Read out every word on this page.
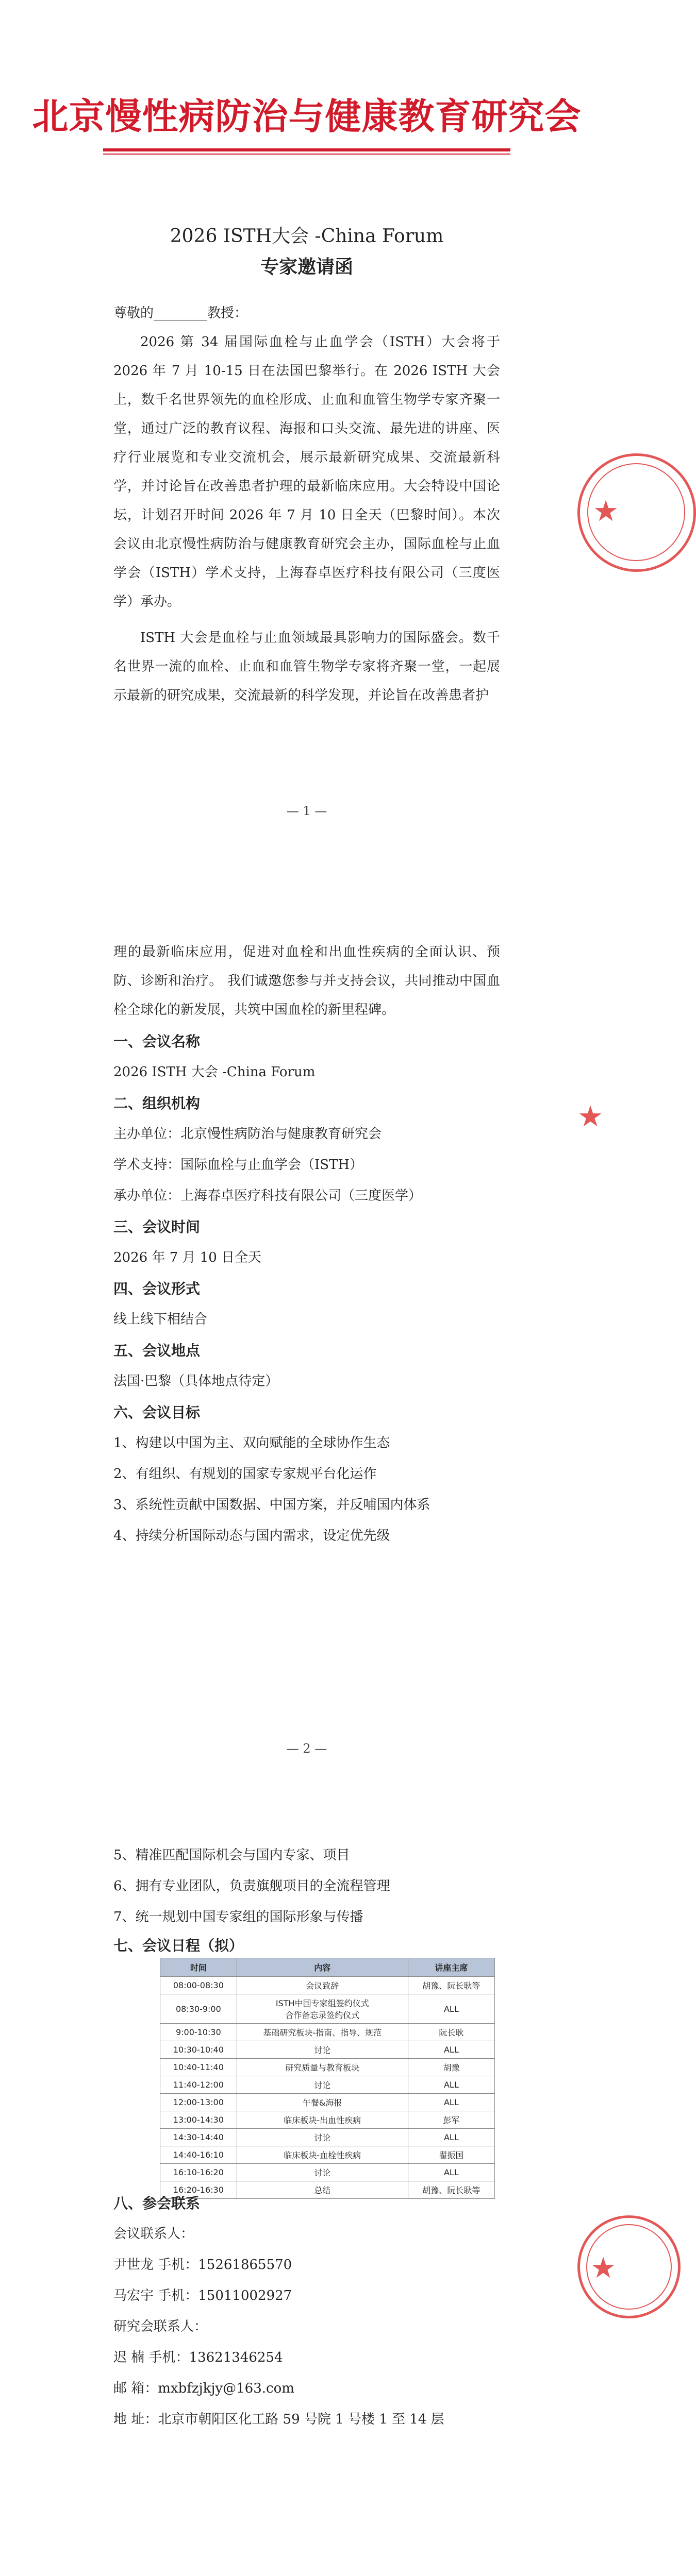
北京慢性病防治与健康教育研究会
2026 ISTH大会 -China Forum
专家邀请函
尊敬的________教授：
2026 第 34 届国际血栓与止血学会（ISTH）大会将于 2026 年 7 月 10-15 日在法国巴黎举行。在 2026 ISTH 大会上，数千名世界领先的血栓形成、止血和血管生物学专家齐聚一堂，通过广泛的教育议程、海报和口头交流、最先进的讲座、医疗行业展览和专业交流机会，展示最新研究成果、交流最新科学，并讨论旨在改善患者护理的最新临床应用。大会特设中国论坛，计划召开时间 2026 年 7 月 10 日全天（巴黎时间）。本次会议由北京慢性病防治与健康教育研究会主办，国际血栓与止血学会（ISTH）学术支持，上海春卓医疗科技有限公司（三度医学）承办。
ISTH 大会是血栓与止血领域最具影响力的国际盛会。数千名世界一流的血栓、止血和血管生物学专家将齐聚一堂，一起展示最新的研究成果，交流最新的科学发现，并论旨在改善患者护
★
— 1 —
理的最新临床应用，促进对血栓和出血性疾病的全面认识、预防、诊断和治疗。 我们诚邀您参与并支持会议，共同推动中国血栓全球化的新发展，共筑中国血栓的新里程碑。
一、会议名称
2026 ISTH 大会 -China Forum
二、组织机构
主办单位：北京慢性病防治与健康教育研究会
学术支持：国际血栓与止血学会（ISTH）
承办单位：上海春卓医疗科技有限公司（三度医学）
三、会议时间
2026 年 7 月 10 日全天
四、会议形式
线上线下相结合
五、会议地点
法国·巴黎（具体地点待定）
六、会议目标
1、构建以中国为主、双向赋能的全球协作生态
2、有组织、有规划的国家专家规平台化运作
3、系统性贡献中国数据、中国方案，并反哺国内体系
4、持续分析国际动态与国内需求，设定优先级
★
— 2 —
5、精准匹配国际机会与国内专家、项目
6、拥有专业团队，负责旗舰项目的全流程管理
7、统一规划中国专家组的国际形象与传播
七、会议日程（拟）
时间	内容	讲座主席
08:00-08:30	会议致辞	胡豫、阮长耿等
08:30-9:00	ISTH中国专家组签约仪式
合作备忘录签约仪式	ALL
9:00-10:30	基础研究板块-指南、指导、规范	阮长耿
10:30-10:40	讨论	ALL
10:40-11:40	研究质量与教育板块	胡豫
11:40-12:00	讨论	ALL
12:00-13:00	午餐&海报	ALL
13:00-14:30	临床板块-出血性疾病	彭军
14:30-14:40	讨论	ALL
14:40-16:10	临床板块-血栓性疾病	翟振国
16:10-16:20	讨论	ALL
16:20-16:30	总结	胡豫、阮长耿等
八、参会联系
会议联系人：
尹世龙 手机：15261865570
马宏宇 手机：15011002927
研究会联系人：
迟 楠 手机：13621346254
邮 箱：mxbfzjkjy@163.com
地 址：北京市朝阳区化工路 59 号院 1 号楼 1 至 14 层
★
